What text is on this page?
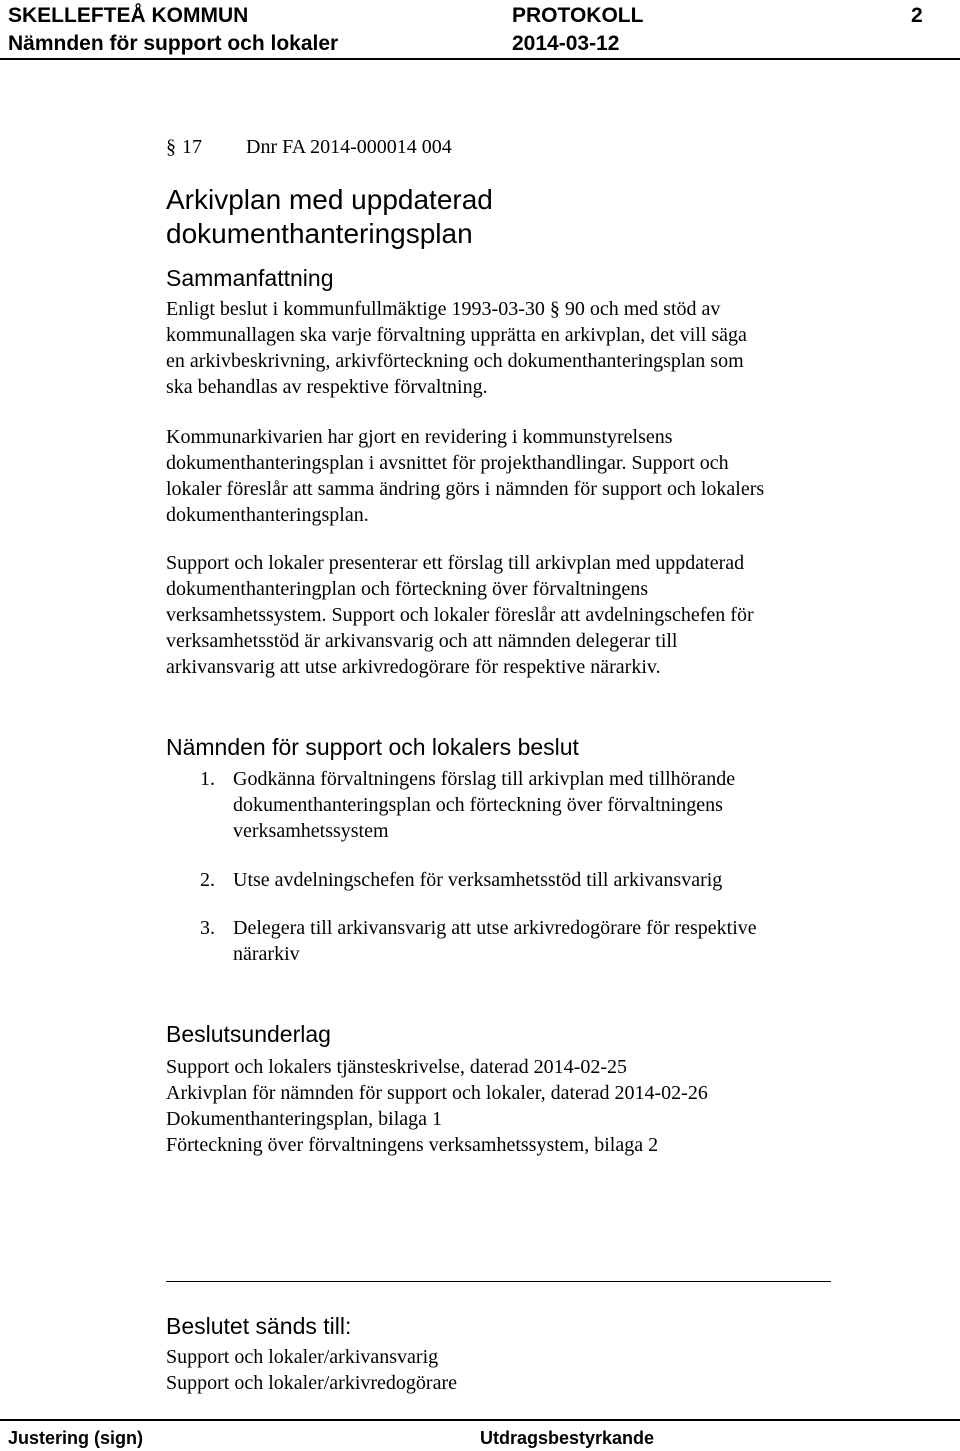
SKELLEFTEÅ KOMMUN	PROTOKOLL	2
Nämnden för support och lokaler	2014-03-12
§ 17 Dnr FA 2014-000014 004
Arkivplan med uppdaterad
dokumenthanteringsplan
Sammanfattning
Enligt beslut i kommunfullmäktige 1993-03-30 § 90 och med stöd av
kommunallagen ska varje förvaltning upprätta en arkivplan, det vill säga
en arkivbeskrivning, arkivförteckning och dokumenthanteringsplan som
ska behandlas av respektive förvaltning.
Kommunarkivarien har gjort en revidering i kommunstyrelsens
dokumenthanteringsplan i avsnittet för projekthandlingar. Support och
lokaler föreslår att samma ändring görs i nämnden för support och lokalers
dokumenthanteringsplan.
Support och lokaler presenterar ett förslag till arkivplan med uppdaterad
dokumenthanteringplan och förteckning över förvaltningens
verksamhetssystem. Support och lokaler föreslår att avdelningschefen för
verksamhetsstöd är arkivansvarig och att nämnden delegerar till
arkivansvarig att utse arkivredogörare för respektive närarkiv.
Nämnden för support och lokalers beslut
1. Godkänna förvaltningens förslag till arkivplan med tillhörande
dokumenthanteringsplan och förteckning över förvaltningens
verksamhetssystem
2. Utse avdelningschefen för verksamhetsstöd till arkivansvarig
3. Delegera till arkivansvarig att utse arkivredogörare för respektive
närarkiv
Beslutsunderlag
Support och lokalers tjänsteskrivelse, daterad 2014-02-25
Arkivplan för nämnden för support och lokaler, daterad 2014-02-26
Dokumenthanteringsplan, bilaga 1
Förteckning över förvaltningens verksamhetssystem, bilaga 2
Beslutet sänds till:
Support och lokaler/arkivansvarig
Support och lokaler/arkivredogörare
Justering (sign)	Utdragsbestyrkande
